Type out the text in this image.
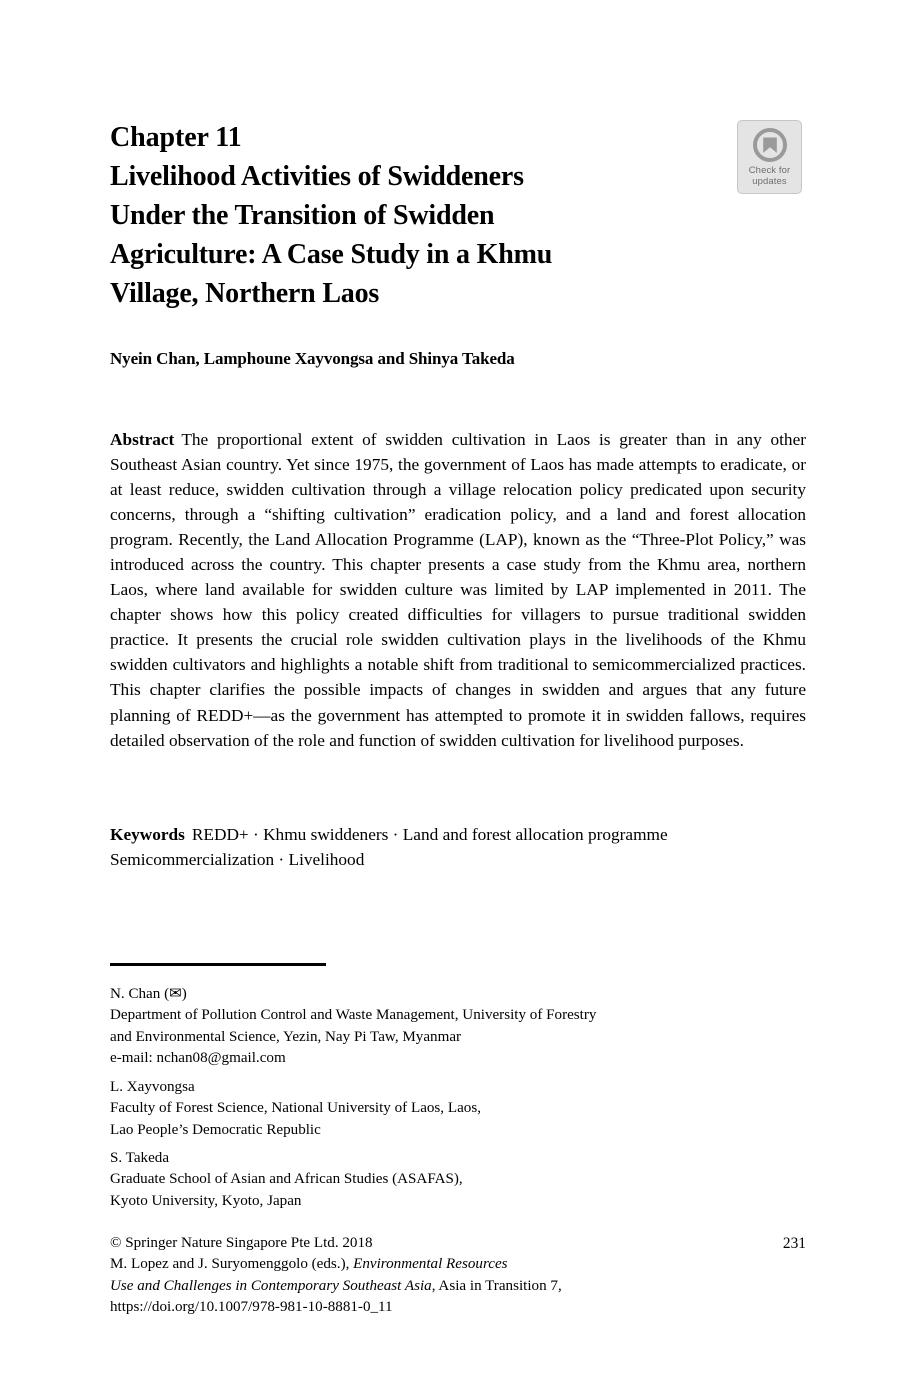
Check for
updates
Chapter 11
Livelihood Activities of Swiddeners
Under the Transition of Swidden
Agriculture: A Case Study in a Khmu
Village, Northern Laos
Nyein Chan, Lamphoune Xayvongsa and Shinya Takeda
Abstract The proportional extent of swidden cultivation in Laos is greater than in any other Southeast Asian country. Yet since 1975, the government of Laos has made attempts to eradicate, or at least reduce, swidden cultivation through a village relocation policy predicated upon security concerns, through a “shifting cultivation” eradication policy, and a land and forest allocation program. Recently, the Land Allocation Programme (LAP), known as the “Three-Plot Policy,” was introduced across the country. This chapter presents a case study from the Khmu area, northern Laos, where land available for swidden culture was limited by LAP implemented in 2011. The chapter shows how this policy created difficulties for villagers to pursue traditional swidden practice. It presents the crucial role swidden cultivation plays in the livelihoods of the Khmu swidden cultivators and highlights a notable shift from traditional to semicommercialized practices. This chapter clarifies the possible impacts of changes in swidden and argues that any future planning of REDD+—as the government has attempted to promote it in swidden fallows, requires detailed observation of the role and function of swidden cultivation for livelihood purposes.
Keywords REDD+ · Khmu swiddeners · Land and forest allocation programme
Semicommercialization · Livelihood
N. Chan (✉)
Department of Pollution Control and Waste Management, University of Forestry
and Environmental Science, Yezin, Nay Pi Taw, Myanmar
e-mail: nchan08@gmail.com
L. Xayvongsa
Faculty of Forest Science, National University of Laos, Laos,
Lao People’s Democratic Republic
S. Takeda
Graduate School of Asian and African Studies (ASAFAS),
Kyoto University, Kyoto, Japan
© Springer Nature Singapore Pte Ltd. 2018	231
M. Lopez and J. Suryomenggolo (eds.), Environmental Resources
Use and Challenges in Contemporary Southeast Asia, Asia in Transition 7,
https://doi.org/10.1007/978-981-10-8881-0_11
